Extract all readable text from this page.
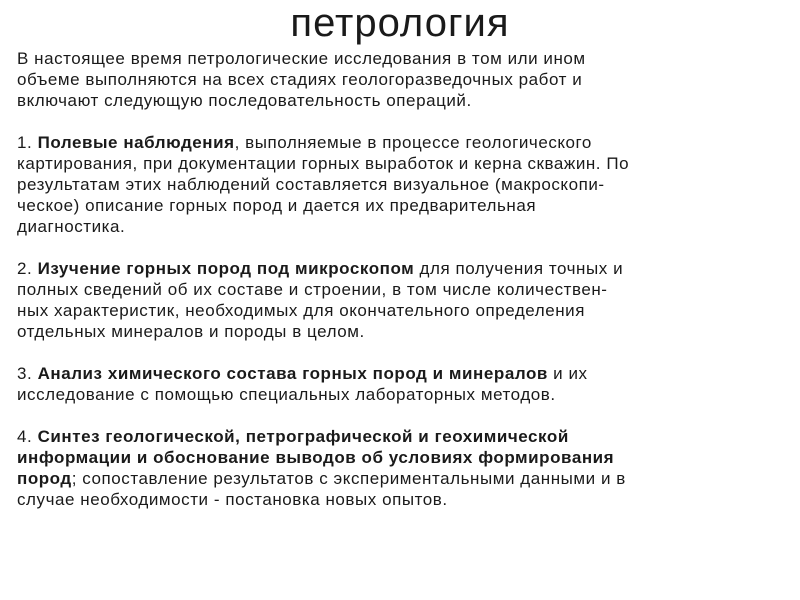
петрология

В настоящее время петрологические исследования в том или ином
объеме выполняются на всех стадиях геологоразведочных работ и
включают следующую последовательность операций.

1. Полевые наблюдения, выполняемые в процессе геологического
картирования, при документации горных выработок и керна скважин. По
результатам этих наблюдений составляется визуальное (макроскопи-
ческое) описание горных пород и дается их предварительная
диагностика.

2. Изучение горных пород под микроскопом для получения точных и
полных сведений об их составе и строении, в том числе количествен-
ных характеристик, необходимых для окончательного определения
отдельных минералов и породы в целом.

3. Анализ химического состава горных пород и минералов и их
исследование с помощью специальных лабораторных методов.

4. Синтез геологической, петрографической и геохимической
информации и обоснование выводов об условиях формирования
пород; сопоставление результатов с экспериментальными данными и в
случае необходимости - постановка новых опытов.
